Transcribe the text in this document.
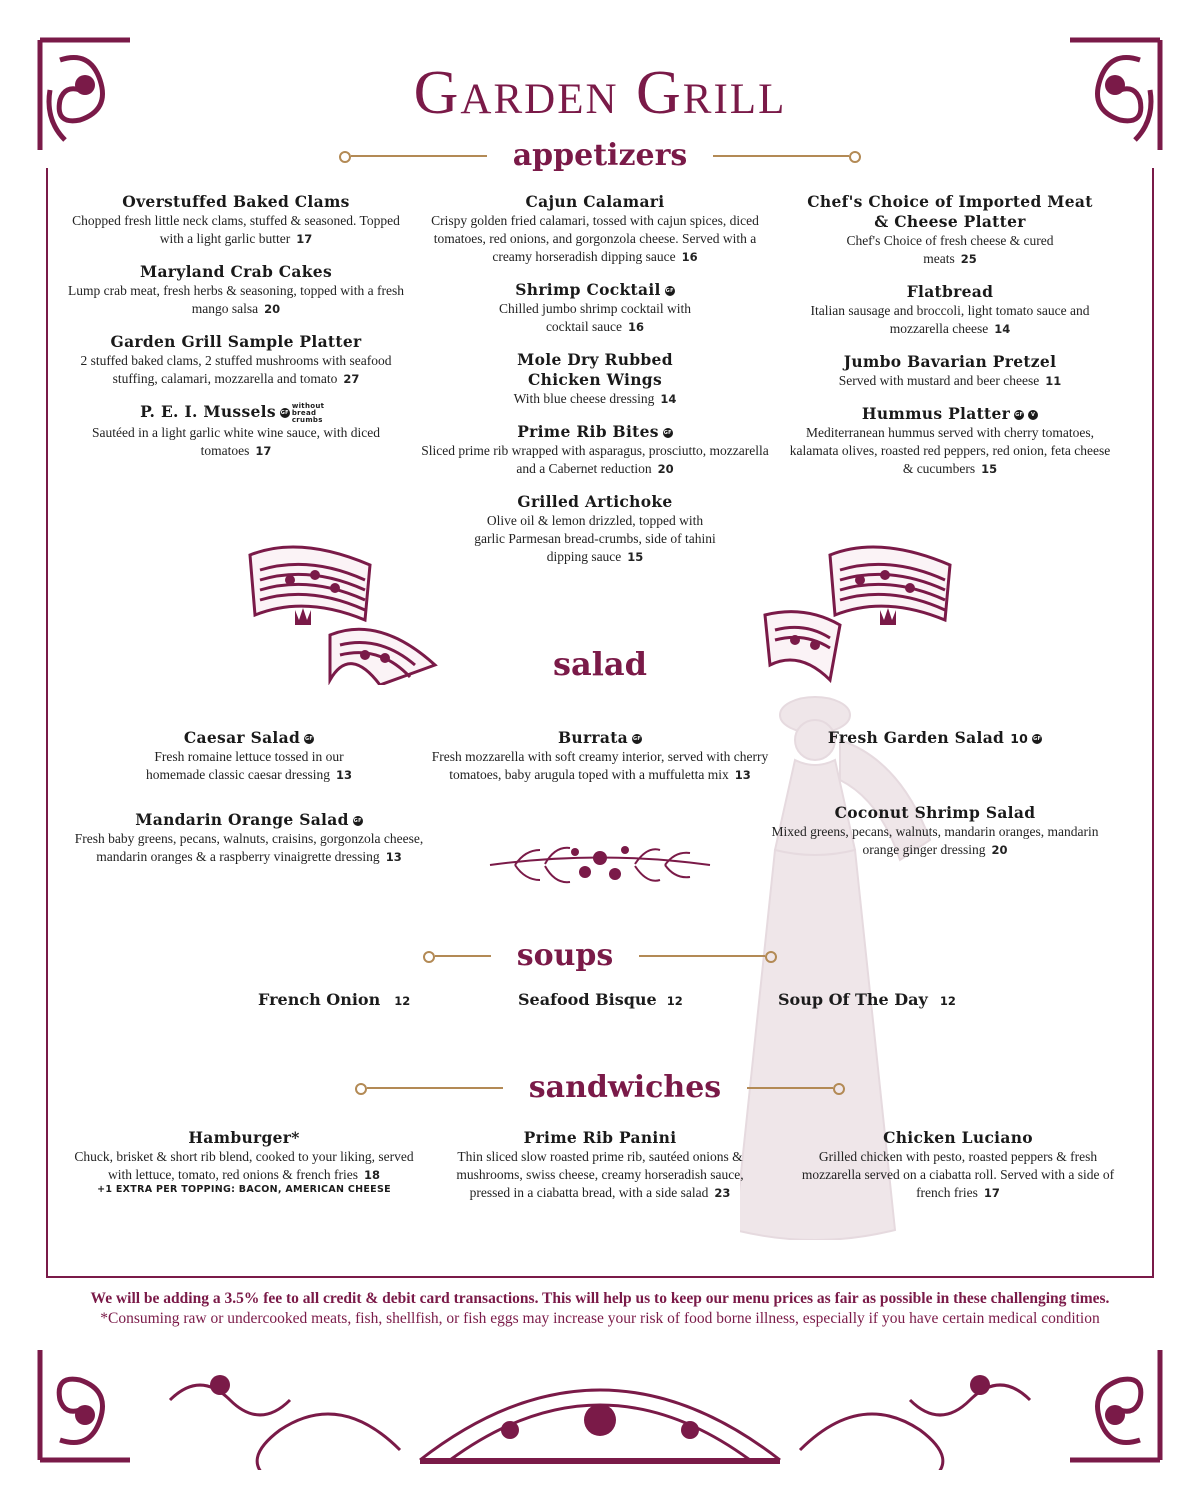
Garden Grill
appetizers
Overstuffed Baked Clams
Chopped fresh little neck clams, stuffed & seasoned. Topped with a light garlic butter 17
Maryland Crab Cakes
Lump crab meat, fresh herbs & seasoning, topped with a fresh mango salsa 20
Garden Grill Sample Platter
2 stuffed baked clams, 2 stuffed mushrooms with seafood stuffing, calamari, mozzarella and tomato 27
P. E. I. Mussels GFwithout bread crumbs
Sautéed in a light garlic white wine sauce, with diced tomatoes 17
Cajun Calamari
Crispy golden fried calamari, tossed with cajun spices, diced tomatoes, red onions, and gorgonzola cheese. Served with a creamy horseradish dipping sauce 16
Shrimp Cocktail GF
Chilled jumbo shrimp cocktail with cocktail sauce 16
Mole Dry Rubbed Chicken Wings
With blue cheese dressing 14
Prime Rib Bites GF
Sliced prime rib wrapped with asparagus, prosciutto, mozzarella and a Cabernet reduction 20
Grilled Artichoke
Olive oil & lemon drizzled, topped with garlic Parmesan bread-crumbs, side of tahini dipping sauce 15
Chef's Choice of Imported Meat & Cheese Platter
Chef's Choice of fresh cheese & cured meats 25
Flatbread
Italian sausage and broccoli, light tomato sauce and mozzarella cheese 14
Jumbo Bavarian Pretzel
Served with mustard and beer cheese 11
Hummus Platter GF V
Mediterranean hummus served with cherry tomatoes, kalamata olives, roasted red peppers, red onion, feta cheese & cucumbers 15
salad
Caesar Salad GF
Fresh romaine lettuce tossed in our homemade classic caesar dressing 13
Mandarin Orange Salad GF
Fresh baby greens, pecans, walnuts, craisins, gorgonzola cheese, mandarin oranges & a raspberry vinaigrette dressing 13
Burrata GF
Fresh mozzarella with soft creamy interior, served with cherry tomatoes, baby arugula toped with a muffuletta mix 13
Fresh Garden Salad 10 GF
Coconut Shrimp Salad
Mixed greens, pecans, walnuts, mandarin oranges, mandarin orange ginger dressing 20
soups
French Onion 12	Seafood Bisque 12	Soup Of The Day 12
sandwiches
Hamburger*
Chuck, brisket & short rib blend, cooked to your liking, served with lettuce, tomato, red onions & french fries 18
+1 EXTRA PER TOPPING: BACON, AMERICAN CHEESE
Prime Rib Panini
Thin sliced slow roasted prime rib, sautéed onions & mushrooms, swiss cheese, creamy horseradish sauce, pressed in a ciabatta bread, with a side salad 23
Chicken Luciano
Grilled chicken with pesto, roasted peppers & fresh mozzarella served on a ciabatta roll. Served with a side of french fries 17
We will be adding a 3.5% fee to all credit & debit card transactions. This will help us to keep our menu prices as fair as possible in these challenging times.
*Consuming raw or undercooked meats, fish, shellfish, or fish eggs may increase your risk of food borne illness, especially if you have certain medical condition
